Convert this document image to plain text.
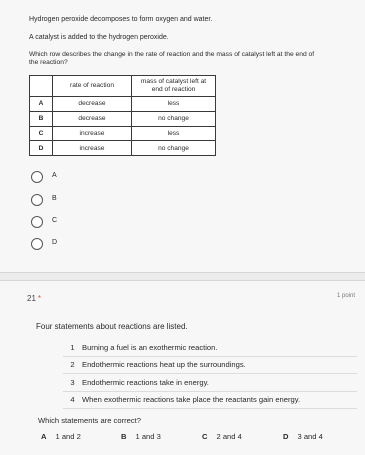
Hydrogen peroxide decomposes to form oxygen and water.
A catalyst is added to the hydrogen peroxide.
Which row describes the change in the rate of reaction and the mass of catalyst left at the end of
the reaction?
	rate of reaction	mass of catalyst left at end of reaction
A	decrease	less
B	decrease	no change
C	increase	less
D	increase	no change
A
B
C
D
21 *	1 point
Four statements about reactions are listed.
1	Burning a fuel is an exothermic reaction.
2	Endothermic reactions heat up the surroundings.
3	Endothermic reactions take in energy.
4	When exothermic reactions take place the reactants gain energy.
Which statements are correct?
A 1 and 2	B 1 and 3	C 2 and 4	D 3 and 4
